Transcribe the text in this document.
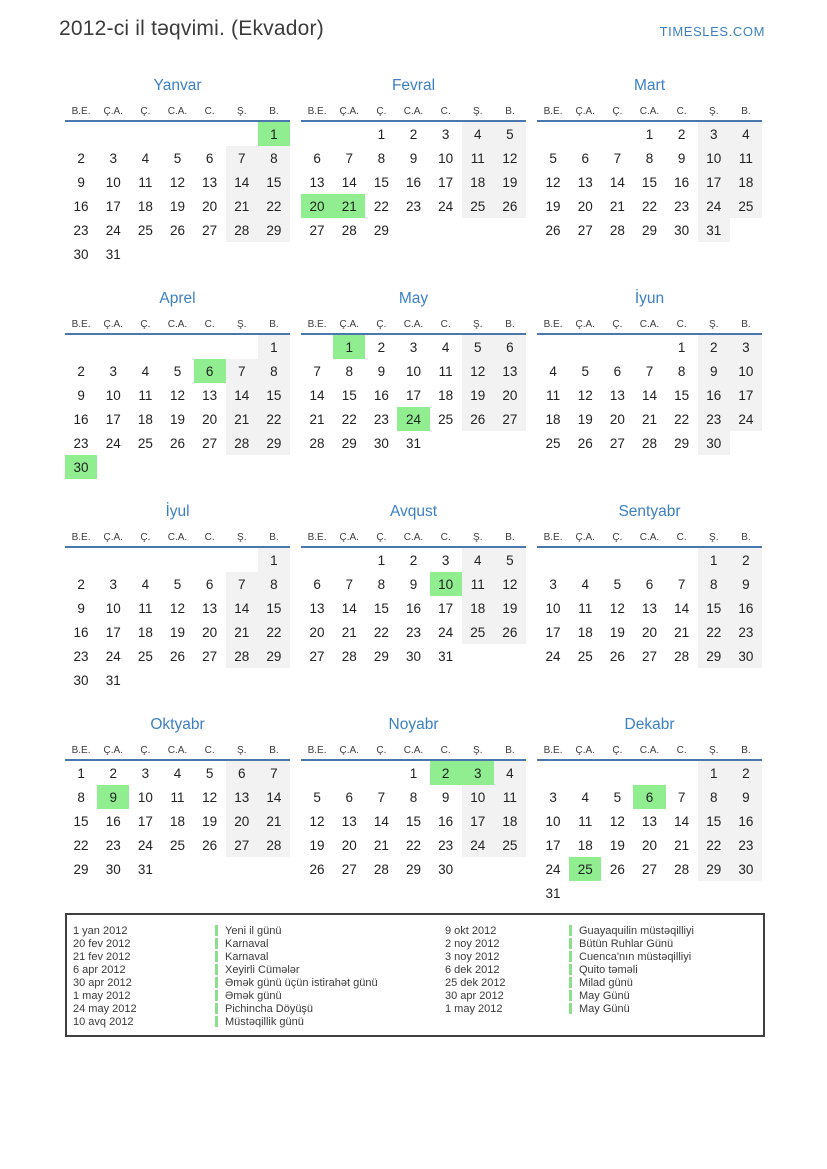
2012-ci il təqvimi. (Ekvador)	TIMESLES.COM
Yanvar
B.E.	Ç.A.	Ç.	C.A.	C.	Ş.	B.
						1
2	3	4	5	6	7	8
9	10	11	12	13	14	15
16	17	18	19	20	21	22
23	24	25	26	27	28	29
30	31					
Fevral
B.E.	Ç.A.	Ç.	C.A.	C.	Ş.	B.
		1	2	3	4	5
6	7	8	9	10	11	12
13	14	15	16	17	18	19
20	21	22	23	24	25	26
27	28	29				
Mart
B.E.	Ç.A.	Ç.	C.A.	C.	Ş.	B.
			1	2	3	4
5	6	7	8	9	10	11
12	13	14	15	16	17	18
19	20	21	22	23	24	25
26	27	28	29	30	31	
Aprel
B.E.	Ç.A.	Ç.	C.A.	C.	Ş.	B.
						1
2	3	4	5	6	7	8
9	10	11	12	13	14	15
16	17	18	19	20	21	22
23	24	25	26	27	28	29
30						
May
B.E.	Ç.A.	Ç.	C.A.	C.	Ş.	B.
	1	2	3	4	5	6
7	8	9	10	11	12	13
14	15	16	17	18	19	20
21	22	23	24	25	26	27
28	29	30	31			
İyun
B.E.	Ç.A.	Ç.	C.A.	C.	Ş.	B.
				1	2	3
4	5	6	7	8	9	10
11	12	13	14	15	16	17
18	19	20	21	22	23	24
25	26	27	28	29	30	
İyul
B.E.	Ç.A.	Ç.	C.A.	C.	Ş.	B.
						1
2	3	4	5	6	7	8
9	10	11	12	13	14	15
16	17	18	19	20	21	22
23	24	25	26	27	28	29
30	31					
Avqust
B.E.	Ç.A.	Ç.	C.A.	C.	Ş.	B.
		1	2	3	4	5
6	7	8	9	10	11	12
13	14	15	16	17	18	19
20	21	22	23	24	25	26
27	28	29	30	31		
Sentyabr
B.E.	Ç.A.	Ç.	C.A.	C.	Ş.	B.
					1	2
3	4	5	6	7	8	9
10	11	12	13	14	15	16
17	18	19	20	21	22	23
24	25	26	27	28	29	30
Oktyabr
B.E.	Ç.A.	Ç.	C.A.	C.	Ş.	B.
1	2	3	4	5	6	7
8	9	10	11	12	13	14
15	16	17	18	19	20	21
22	23	24	25	26	27	28
29	30	31				
Noyabr
B.E.	Ç.A.	Ç.	C.A.	C.	Ş.	B.
			1	2	3	4
5	6	7	8	9	10	11
12	13	14	15	16	17	18
19	20	21	22	23	24	25
26	27	28	29	30		
Dekabr
B.E.	Ç.A.	Ç.	C.A.	C.	Ş.	B.
					1	2
3	4	5	6	7	8	9
10	11	12	13	14	15	16
17	18	19	20	21	22	23
24	25	26	27	28	29	30
31						
1 yan 2012	Yeni il günü
20 fev 2012	Karnaval
21 fev 2012	Karnaval
6 apr 2012	Xeyirli Cümələr
30 apr 2012	Əmək günü üçün istirahət günü
1 may 2012	Əmək günü
24 may 2012	Pichincha Döyüşü
10 avq 2012	Müstəqillik günü
9 okt 2012	Guayaquilin müstəqilliyi
2 noy 2012	Bütün Ruhlar Günü
3 noy 2012	Cuenca'nın müstəqilliyi
6 dek 2012	Quito təməli
25 dek 2012	Milad günü
30 apr 2012	May Günü
1 may 2012	May Günü
